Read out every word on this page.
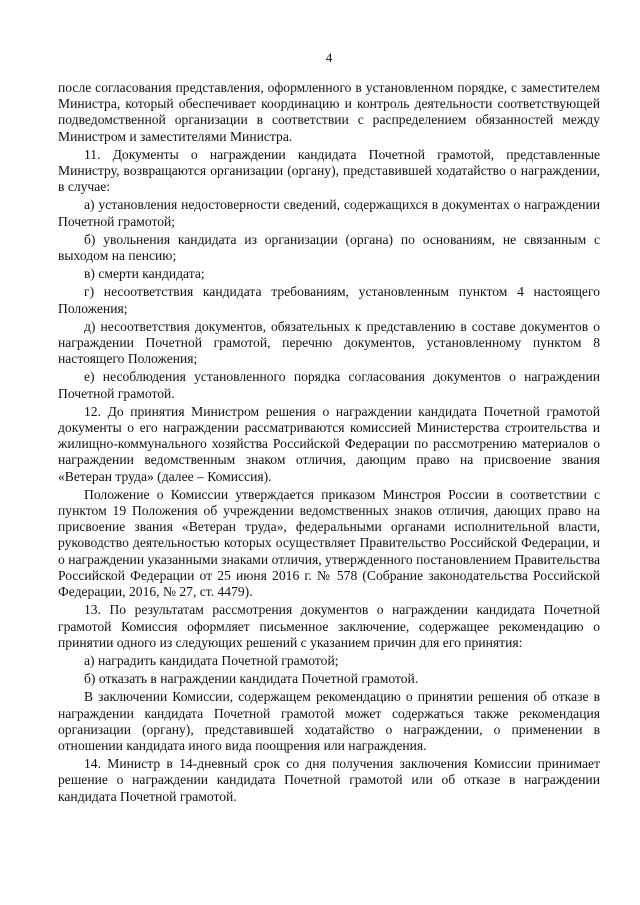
4

после согласования представления, оформленного в установленном порядке, с заместителем Министра, который обеспечивает координацию и контроль деятельности соответствующей подведомственной организации в соответствии с распределением обязанностей между Министром и заместителями Министра.

11. Документы о награждении кандидата Почетной грамотой, представленные Министру, возвращаются организации (органу), представившей ходатайство о награждении, в случае:

а) установления недостоверности сведений, содержащихся в документах о награждении Почетной грамотой;

б) увольнения кандидата из организации (органа) по основаниям, не связанным с выходом на пенсию;

в) смерти кандидата;

г) несоответствия кандидата требованиям, установленным пунктом 4 настоящего Положения;

д) несоответствия документов, обязательных к представлению в составе документов о награждении Почетной грамотой, перечню документов, установленному пунктом 8 настоящего Положения;

е) несоблюдения установленного порядка согласования документов о награждении Почетной грамотой.

12. До принятия Министром решения о награждении кандидата Почетной грамотой документы о его награждении рассматриваются комиссией Министерства строительства и жилищно-коммунального хозяйства Российской Федерации по рассмотрению материалов о награждении ведомственным знаком отличия, дающим право на присвоение звания «Ветеран труда» (далее – Комиссия).

Положение о Комиссии утверждается приказом Минстроя России в соответствии с пунктом 19 Положения об учреждении ведомственных знаков отличия, дающих право на присвоение звания «Ветеран труда», федеральными органами исполнительной власти, руководство деятельностью которых осуществляет Правительство Российской Федерации, и о награждении указанными знаками отличия, утвержденного постановлением Правительства Российской Федерации от 25 июня 2016 г. № 578 (Собрание законодательства Российской Федерации, 2016, № 27, ст. 4479).

13. По результатам рассмотрения документов о награждении кандидата Почетной грамотой Комиссия оформляет письменное заключение, содержащее рекомендацию о принятии одного из следующих решений с указанием причин для его принятия:

а) наградить кандидата Почетной грамотой;

б) отказать в награждении кандидата Почетной грамотой.

В заключении Комиссии, содержащем рекомендацию о принятии решения об отказе в награждении кандидата Почетной грамотой может содержаться также рекомендация организации (органу), представившей ходатайство о награждении, о применении в отношении кандидата иного вида поощрения или награждения.

14. Министр в 14-дневный срок со дня получения заключения Комиссии принимает решение о награждении кандидата Почетной грамотой или об отказе в награждении кандидата Почетной грамотой.
